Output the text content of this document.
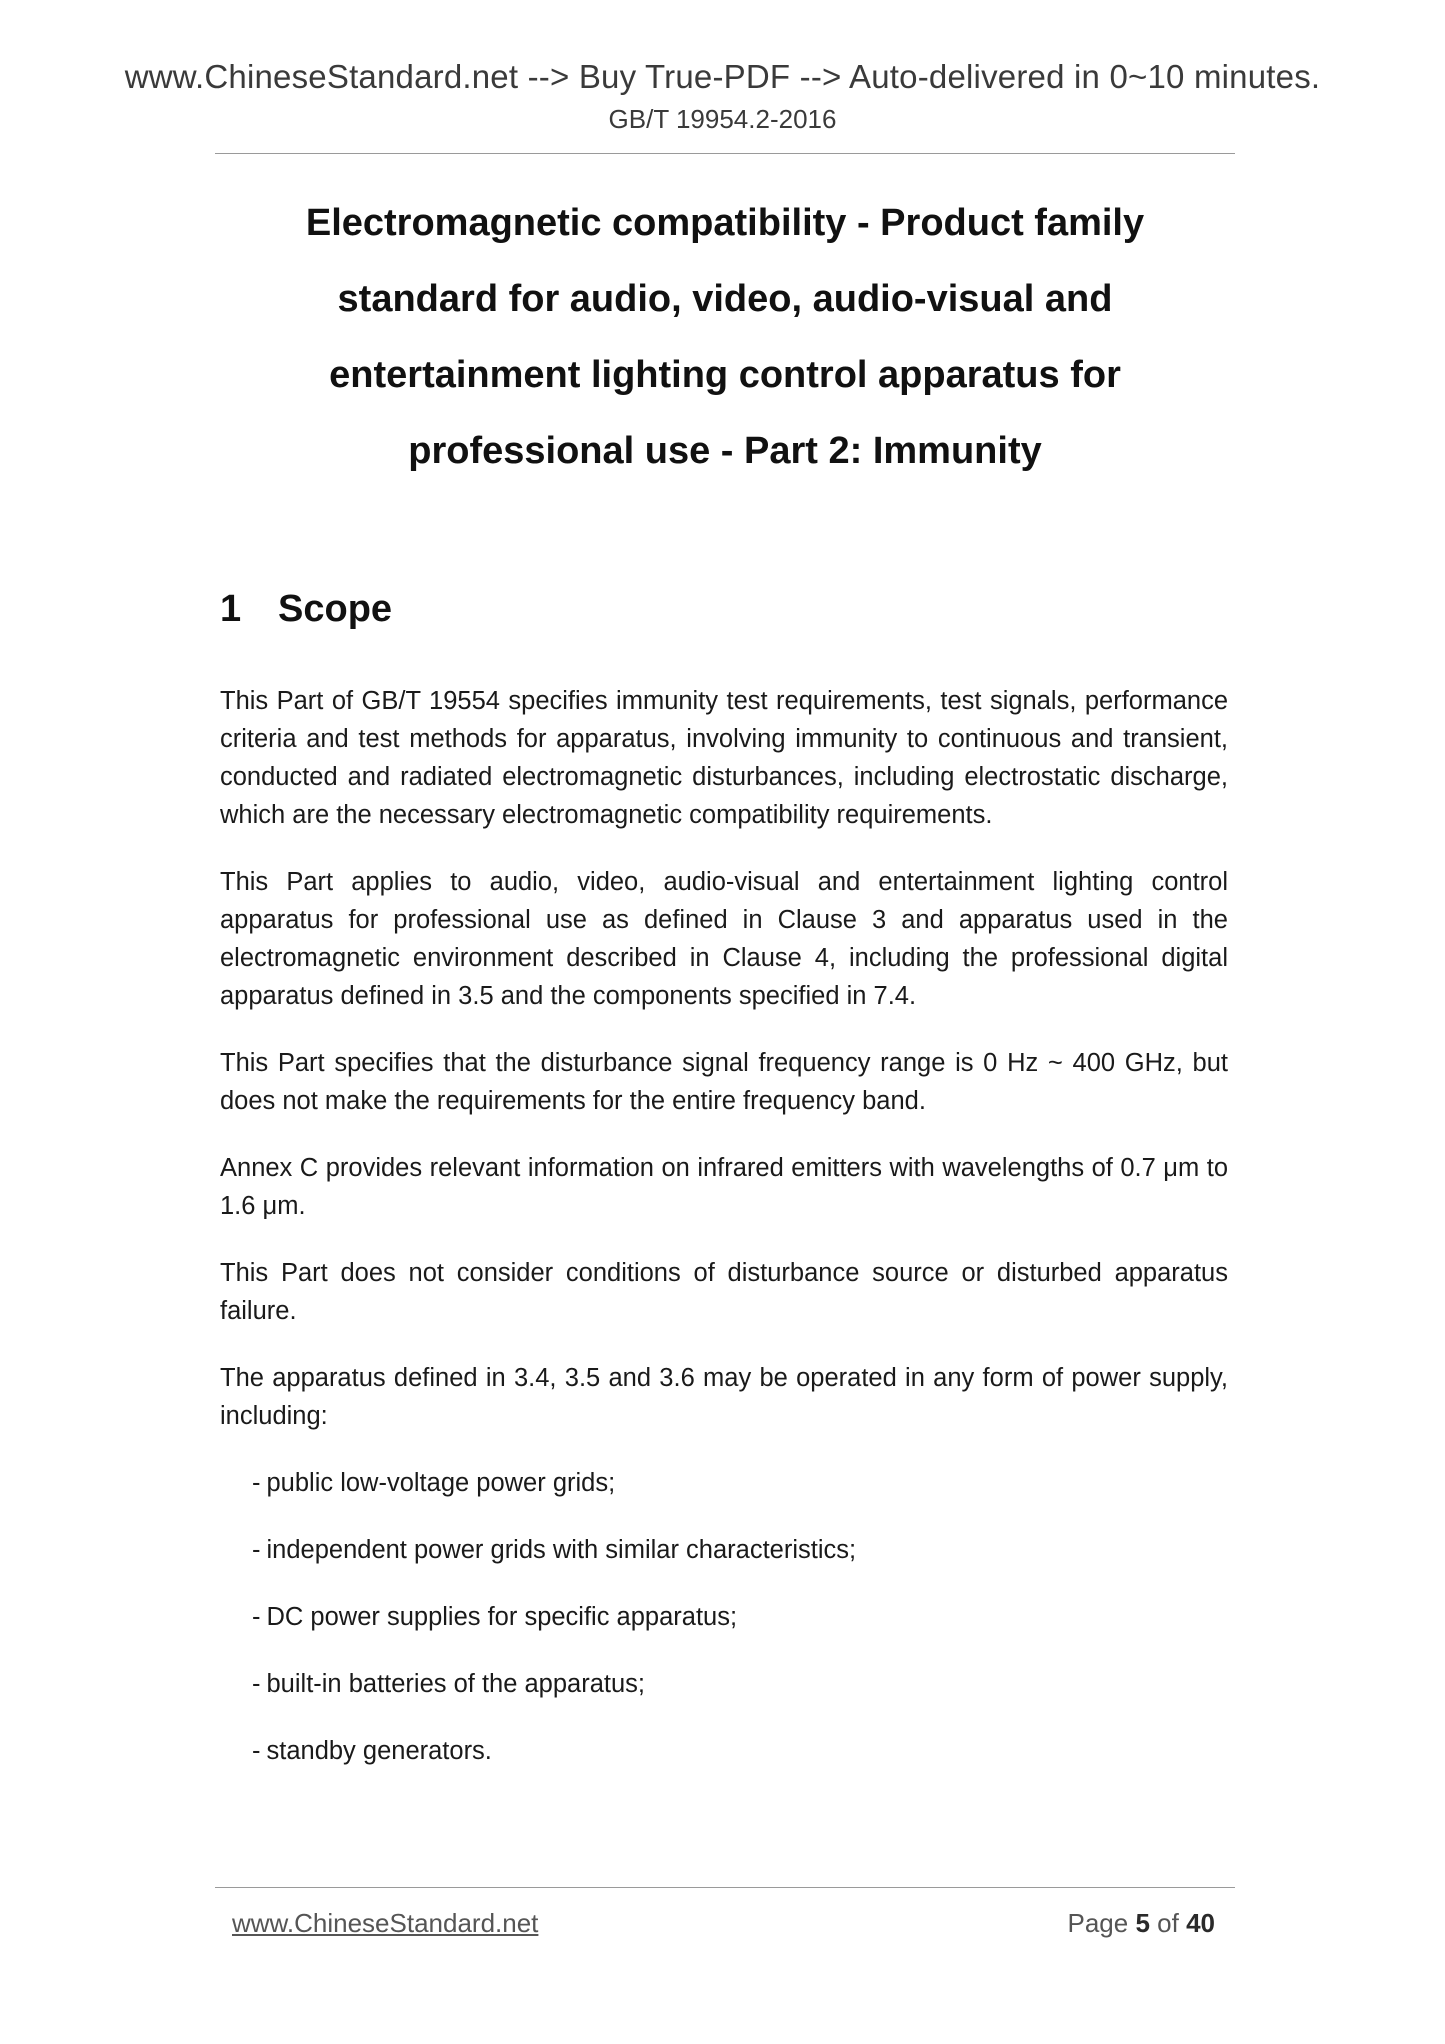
www.ChineseStandard.net --> Buy True-PDF --> Auto-delivered in 0~10 minutes.
GB/T 19954.2-2016
Electromagnetic compatibility - Product family
standard for audio, video, audio-visual and
entertainment lighting control apparatus for
professional use - Part 2: Immunity
1 Scope

This Part of GB/T 19554 specifies immunity test requirements, test signals, performance criteria and test methods for apparatus, involving immunity to continuous and transient, conducted and radiated electromagnetic disturbances, including electrostatic discharge, which are the necessary electromagnetic compatibility requirements.

This Part applies to audio, video, audio-visual and entertainment lighting control apparatus for professional use as defined in Clause 3 and apparatus used in the electromagnetic environment described in Clause 4, including the professional digital apparatus defined in 3.5 and the components specified in 7.4.

This Part specifies that the disturbance signal frequency range is 0 Hz ~ 400 GHz, but does not make the requirements for the entire frequency band.

Annex C provides relevant information on infrared emitters with wavelengths of 0.7 μm to 1.6 μm.

This Part does not consider conditions of disturbance source or disturbed apparatus failure.

The apparatus defined in 3.4, 3.5 and 3.6 may be operated in any form of power supply, including:

- public low-voltage power grids;
- independent power grids with similar characteristics;
- DC power supplies for specific apparatus;
- built-in batteries of the apparatus;
- standby generators.
www.ChineseStandard.net	Page 5 of 40
